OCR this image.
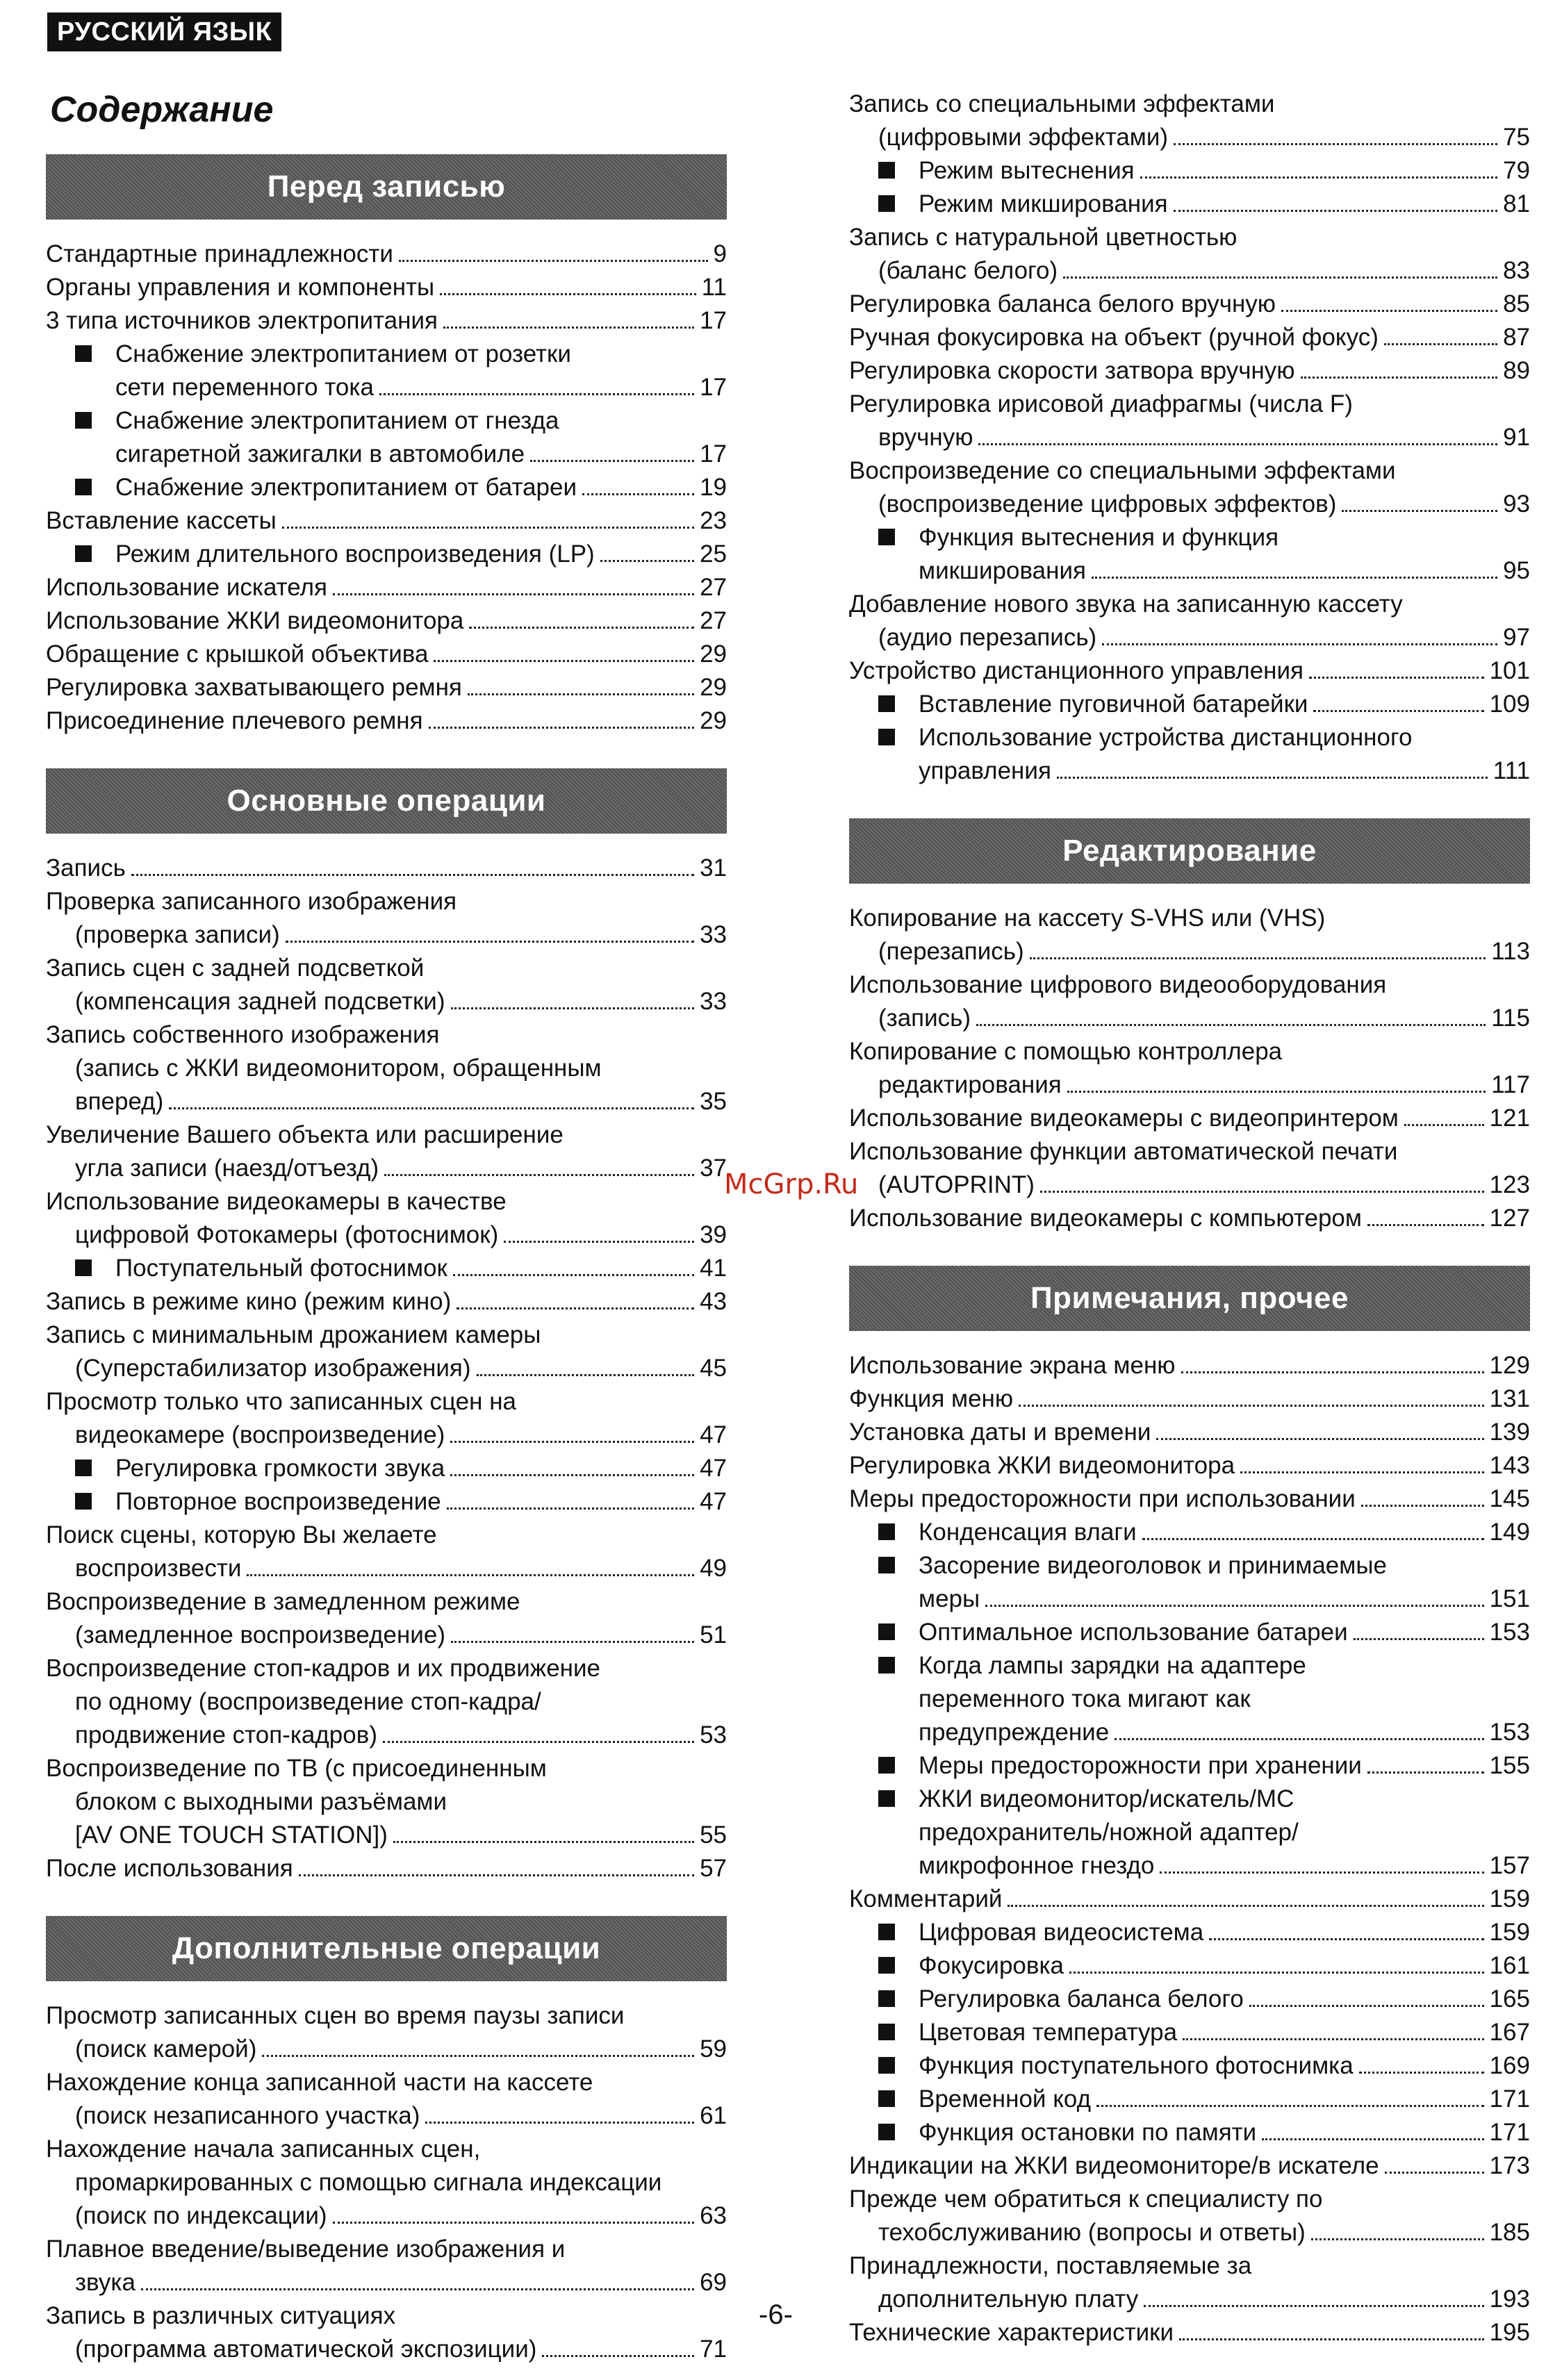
РУССКИЙ ЯЗЫК
Содержание
Перед записью
Стандартные принадлежности	9
Органы управления и компоненты	11
3 типа источников электропитания	17
Снабжение электропитанием от розетки
сети переменного тока	17
Снабжение электропитанием от гнезда
сигаретной зажигалки в автомобиле	17
Снабжение электропитанием от батареи	19
Вставление кассеты	23
Режим длительного воспроизведения (LP)	25
Использование искателя	27
Использование ЖКИ видеомонитора	27
Обращение с крышкой объектива	29
Регулировка захватывающего ремня	29
Присоединение плечевого ремня	29
Основные операции
Запись	31
Проверка записанного изображения
(проверка записи)	33
Запись сцен с задней подсветкой
(компенсация задней подсветки)	33
Запись собственного изображения
(запись с ЖКИ видеомонитором, обращенным
вперед)	35
Увеличение Вашего объекта или расширение
угла записи (наезд/отъезд)	37
Использование видеокамеры в качестве
цифровой Фотокамеры (фотоснимок)	39
Поступательный фотоснимок	41
Запись в режиме кино (режим кино)	43
Запись с минимальным дрожанием камеры
(Суперстабилизатор изображения)	45
Просмотр только что записанных сцен на
видеокамере (воспроизведение)	47
Регулировка громкости звука	47
Повторное воспроизведение	47
Поиск сцены, которую Вы желаете
воспроизвести	49
Воспроизведение в замедленном режиме
(замедленное воспроизведение)	51
Воспроизведение стоп-кадров и их продвижение
по одному (воспроизведение стоп-кадра/
продвижение стоп-кадров)	53
Воспроизведение по ТВ (с присоединенным
блоком с выходными разъёмами
[AV ONE TOUCH STATION])	55
После использования	57
Дополнительные операции
Просмотр записанных сцен во время паузы записи
(поиск камерой)	59
Нахождение конца записанной части на кассете
(поиск незаписанного участка)	61
Нахождение начала записанных сцен,
промаркированных с помощью сигнала индексации
(поиск по индексации)	63
Плавное введение/выведение изображения и
звука	69
Запись в различных ситуациях
(программа автоматической экспозиции)	71
Запись со специальными эффектами
(цифровыми эффектами)	75
Режим вытеснения	79
Режим микширования	81
Запись с натуральной цветностью
(баланс белого)	83
Регулировка баланса белого вручную	85
Ручная фокусировка на объект (ручной фокус)	87
Регулировка скорости затвора вручную	89
Регулировка ирисовой диафрагмы (числа F)
вручную	91
Воспроизведение со специальными эффектами
(воспроизведение цифровых эффектов)	93
Функция вытеснения и функция
микширования	95
Добавление нового звука на записанную кассету
(аудио перезапись)	97
Устройство дистанционного управления	101
Вставление пуговичной батарейки	109
Использование устройства дистанционного
управления	111
Редактирование
Копирование на кассету S-VHS или (VHS)
(перезапись)	113
Использование цифрового видеооборудования
(запись)	115
Копирование с помощью контроллера
редактирования	117
Использование видеокамеры с видеопринтером	121
Использование функции автоматической печати
(AUTOPRINT)	123
Использование видеокамеры с компьютером	127
Примечания, прочее
Использование экрана меню	129
Функция меню	131
Установка даты и времени	139
Регулировка ЖКИ видеомонитора	143
Меры предосторожности при использовании	145
Конденсация влаги	149
Засорение видеоголовок и принимаемые
меры	151
Оптимальное использование батареи	153
Когда лампы зарядки на адаптере
переменного тока мигают как
предупреждение	153
Меры предосторожности при хранении	155
ЖКИ видеомонитор/искатель/МС
предохранитель/ножной адаптер/
микрофонное гнездо	157
Комментарий	159
Цифровая видеосистема	159
Фокусировка	161
Регулировка баланса белого	165
Цветовая температура	167
Функция поступательного фотоснимка	169
Временной код	171
Функция остановки по памяти	171
Индикации на ЖКИ видеомониторе/в искателе	173
Прежде чем обратиться к специалисту по
техобслуживанию (вопросы и ответы)	185
Принадлежности, поставляемые за
дополнительную плату	193
Технические характеристики	195
McGrp.Ru
-6-
